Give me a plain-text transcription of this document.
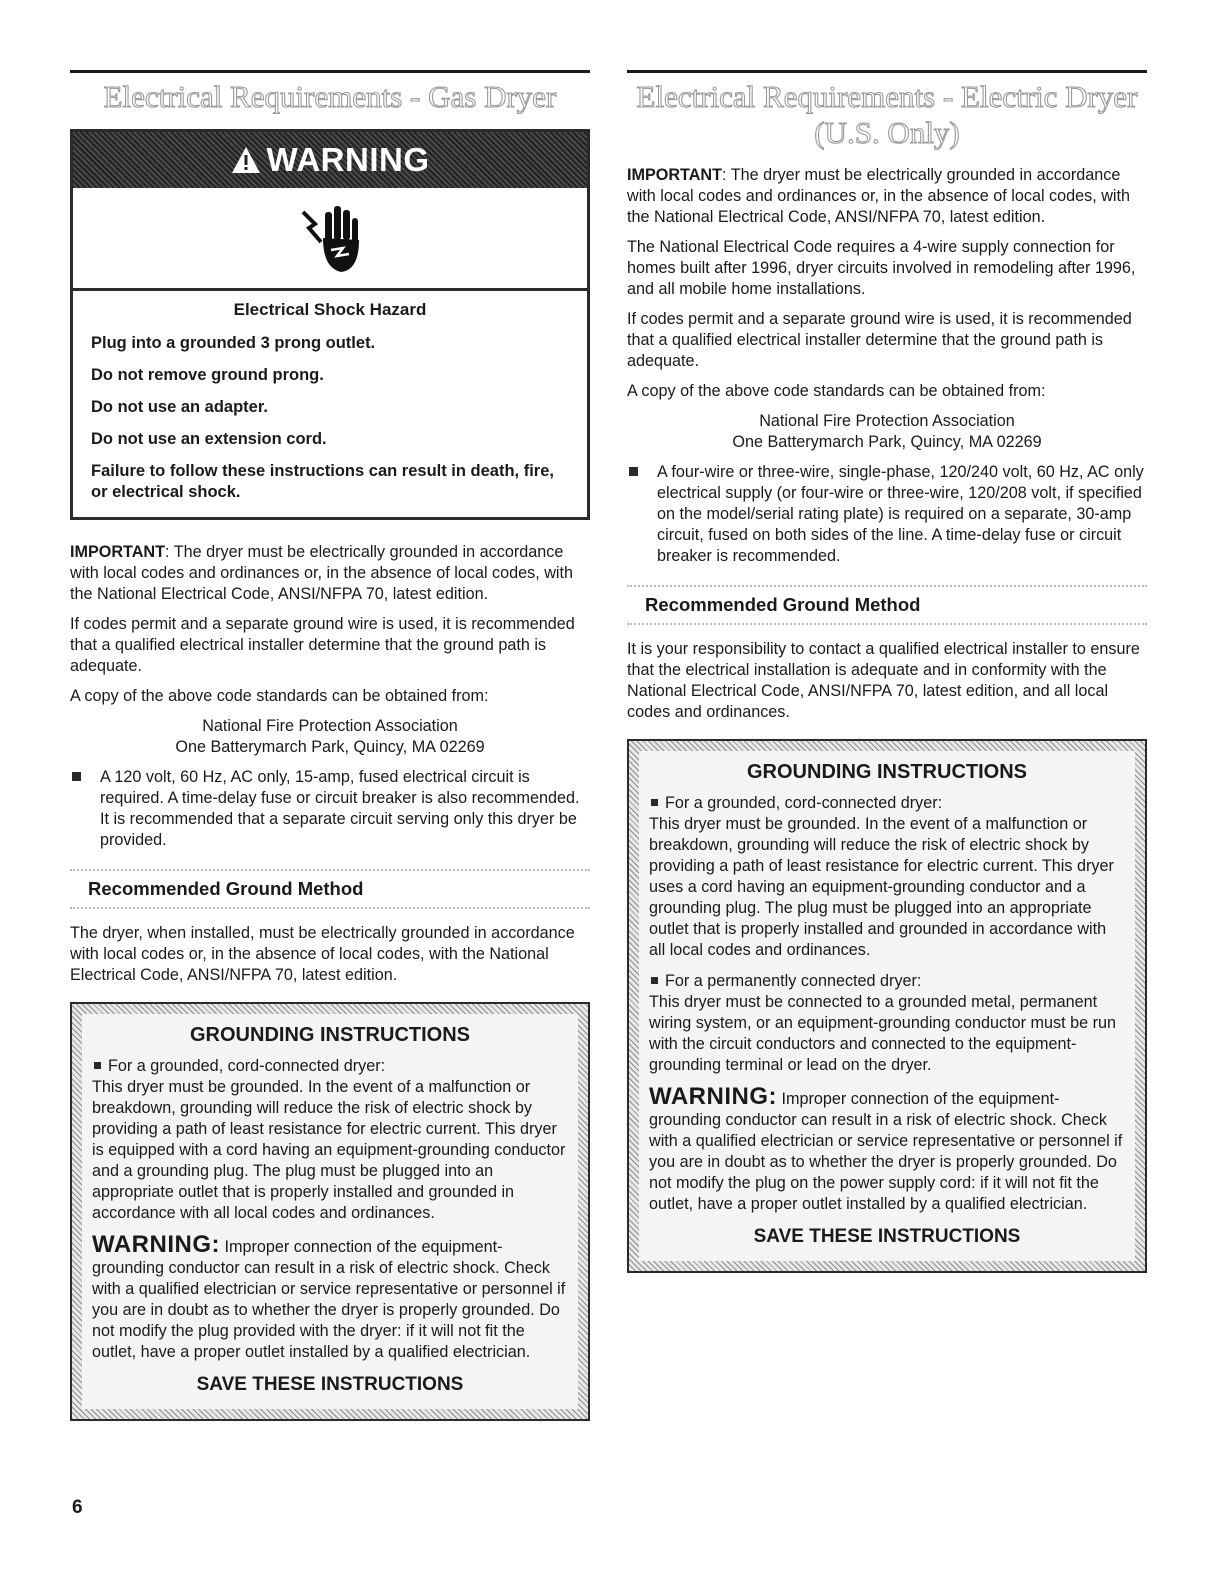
Electrical Requirements - Gas Dryer
WARNING
Electrical Shock Hazard
Plug into a grounded 3 prong outlet.
Do not remove ground prong.
Do not use an adapter.
Do not use an extension cord.
Failure to follow these instructions can result in death, fire, or electrical shock.

IMPORTANT: The dryer must be electrically grounded in accordance with local codes and ordinances or, in the absence of local codes, with the National Electrical Code, ANSI/NFPA 70, latest edition.

If codes permit and a separate ground wire is used, it is recommended that a qualified electrical installer determine that the ground path is adequate.

A copy of the above code standards can be obtained from:

National Fire Protection Association
One Batterymarch Park, Quincy, MA 02269
A 120 volt, 60 Hz, AC only, 15-amp, fused electrical circuit is required. A time-delay fuse or circuit breaker is also recommended. It is recommended that a separate circuit serving only this dryer be provided.
Recommended Ground Method

The dryer, when installed, must be electrically grounded in accordance with local codes or, in the absence of local codes, with the National Electrical Code, ANSI/NFPA 70, latest edition.

GROUNDING INSTRUCTIONS
For a grounded, cord-connected dryer:
This dryer must be grounded. In the event of a malfunction or breakdown, grounding will reduce the risk of electric shock by providing a path of least resistance for electric current. This dryer is equipped with a cord having an equipment-grounding conductor and a grounding plug. The plug must be plugged into an appropriate outlet that is properly installed and grounded in accordance with all local codes and ordinances.
WARNING: Improper connection of the equipment-grounding conductor can result in a risk of electric shock. Check with a qualified electrician or service representative or personnel if you are in doubt as to whether the dryer is properly grounded. Do not modify the plug provided with the dryer: if it will not fit the outlet, have a proper outlet installed by a qualified electrician.
SAVE THESE INSTRUCTIONS
Electrical Requirements - Electric Dryer
(U.S. Only)

IMPORTANT: The dryer must be electrically grounded in accordance with local codes and ordinances or, in the absence of local codes, with the National Electrical Code, ANSI/NFPA 70, latest edition.

The National Electrical Code requires a 4-wire supply connection for homes built after 1996, dryer circuits involved in remodeling after 1996, and all mobile home installations.

If codes permit and a separate ground wire is used, it is recommended that a qualified electrical installer determine that the ground path is adequate.

A copy of the above code standards can be obtained from:

National Fire Protection Association
One Batterymarch Park, Quincy, MA 02269
A four-wire or three-wire, single-phase, 120/240 volt, 60 Hz, AC only electrical supply (or four-wire or three-wire, 120/208 volt, if specified on the model/serial rating plate) is required on a separate, 30-amp circuit, fused on both sides of the line. A time-delay fuse or circuit breaker is recommended.
Recommended Ground Method

It is your responsibility to contact a qualified electrical installer to ensure that the electrical installation is adequate and in conformity with the National Electrical Code, ANSI/NFPA 70, latest edition, and all local codes and ordinances.

GROUNDING INSTRUCTIONS
For a grounded, cord-connected dryer:
This dryer must be grounded. In the event of a malfunction or breakdown, grounding will reduce the risk of electric shock by providing a path of least resistance for electric current. This dryer uses a cord having an equipment-grounding conductor and a grounding plug. The plug must be plugged into an appropriate outlet that is properly installed and grounded in accordance with all local codes and ordinances.
For a permanently connected dryer:
This dryer must be connected to a grounded metal, permanent wiring system, or an equipment-grounding conductor must be run with the circuit conductors and connected to the equipment-grounding terminal or lead on the dryer.
WARNING: Improper connection of the equipment-grounding conductor can result in a risk of electric shock. Check with a qualified electrician or service representative or personnel if you are in doubt as to whether the dryer is properly grounded. Do not modify the plug on the power supply cord: if it will not fit the outlet, have a proper outlet installed by a qualified electrician.
SAVE THESE INSTRUCTIONS
6
